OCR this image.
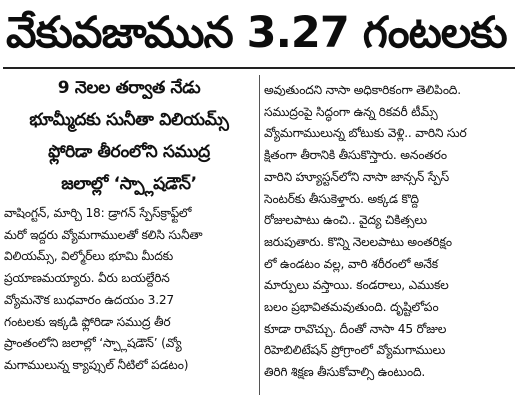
వేకువజామున 3.27 గంటలకు
9 నెలల తర్వాత నేడు
భూమ్మీదకు సునీతా విలియమ్స్
ఫ్లోరిడా తీరంలోని సముద్ర
జలాల్లో ‘స్ప్లాషడౌన్’
వాషింగ్టన్, మార్చి 18: డ్రాగన్ స్పేస్‌క్రాఫ్ట్‌లో
మరో ఇద్దరు వ్యోమగాములతో కలిసి సునీతా
విలియమ్స్, విల్మోర్‌లు భూమి మీదకు
ప్రయాణమయ్యారు. వీరు బయల్దేరిన
వ్యోమనౌక బుధవారం ఉదయం 3.27
గంటలకు ఇక్కడి ఫ్లోరిడా సముద్ర తీర
ప్రాంతంలోని జలాల్లో ‘స్ప్లాషడౌన్’ (వ్యో
మగాములున్న క్యాప్సుల్ నీటిలో పడటం)
అవుతుందని నాసా అధికారికంగా తెలిపింది.
సముద్రంపై సిద్ధంగా ఉన్న రికవరీ టీమ్స్
వ్యోమగాములున్న బోటుకు వెళ్లి.. వారిని సుర
క్షితంగా తీరానికి తీసుకొస్తారు. అనంతరం
వారిని హ్యూస్టన్‌లోని నాసా జాన్సన్ స్పేస్
సెంటర్‌కు తీసుకెళ్తారు. అక్కడ కొద్ది
రోజులపాటు ఉంచి.. వైద్య చికిత్సలు
జరుపుతారు. కొన్ని నెలలపాటు అంతరిక్షం
లో ఉండటం వల్ల, వారి శరీరంలో అనేక
మార్పులు వస్తాయి. కండరాలు, ఎముకల
బలం ప్రభావితమవుతుంది. దృష్టిలోపం
కూడా రావొచ్చు. దీంతో నాసా 45 రోజుల
రిహెబిలిటేషన్ ప్రోగ్రాంలో వ్యోమగాములు
తిరిగి శిక్షణ తీసుకోవాల్సి ఉంటుంది.
